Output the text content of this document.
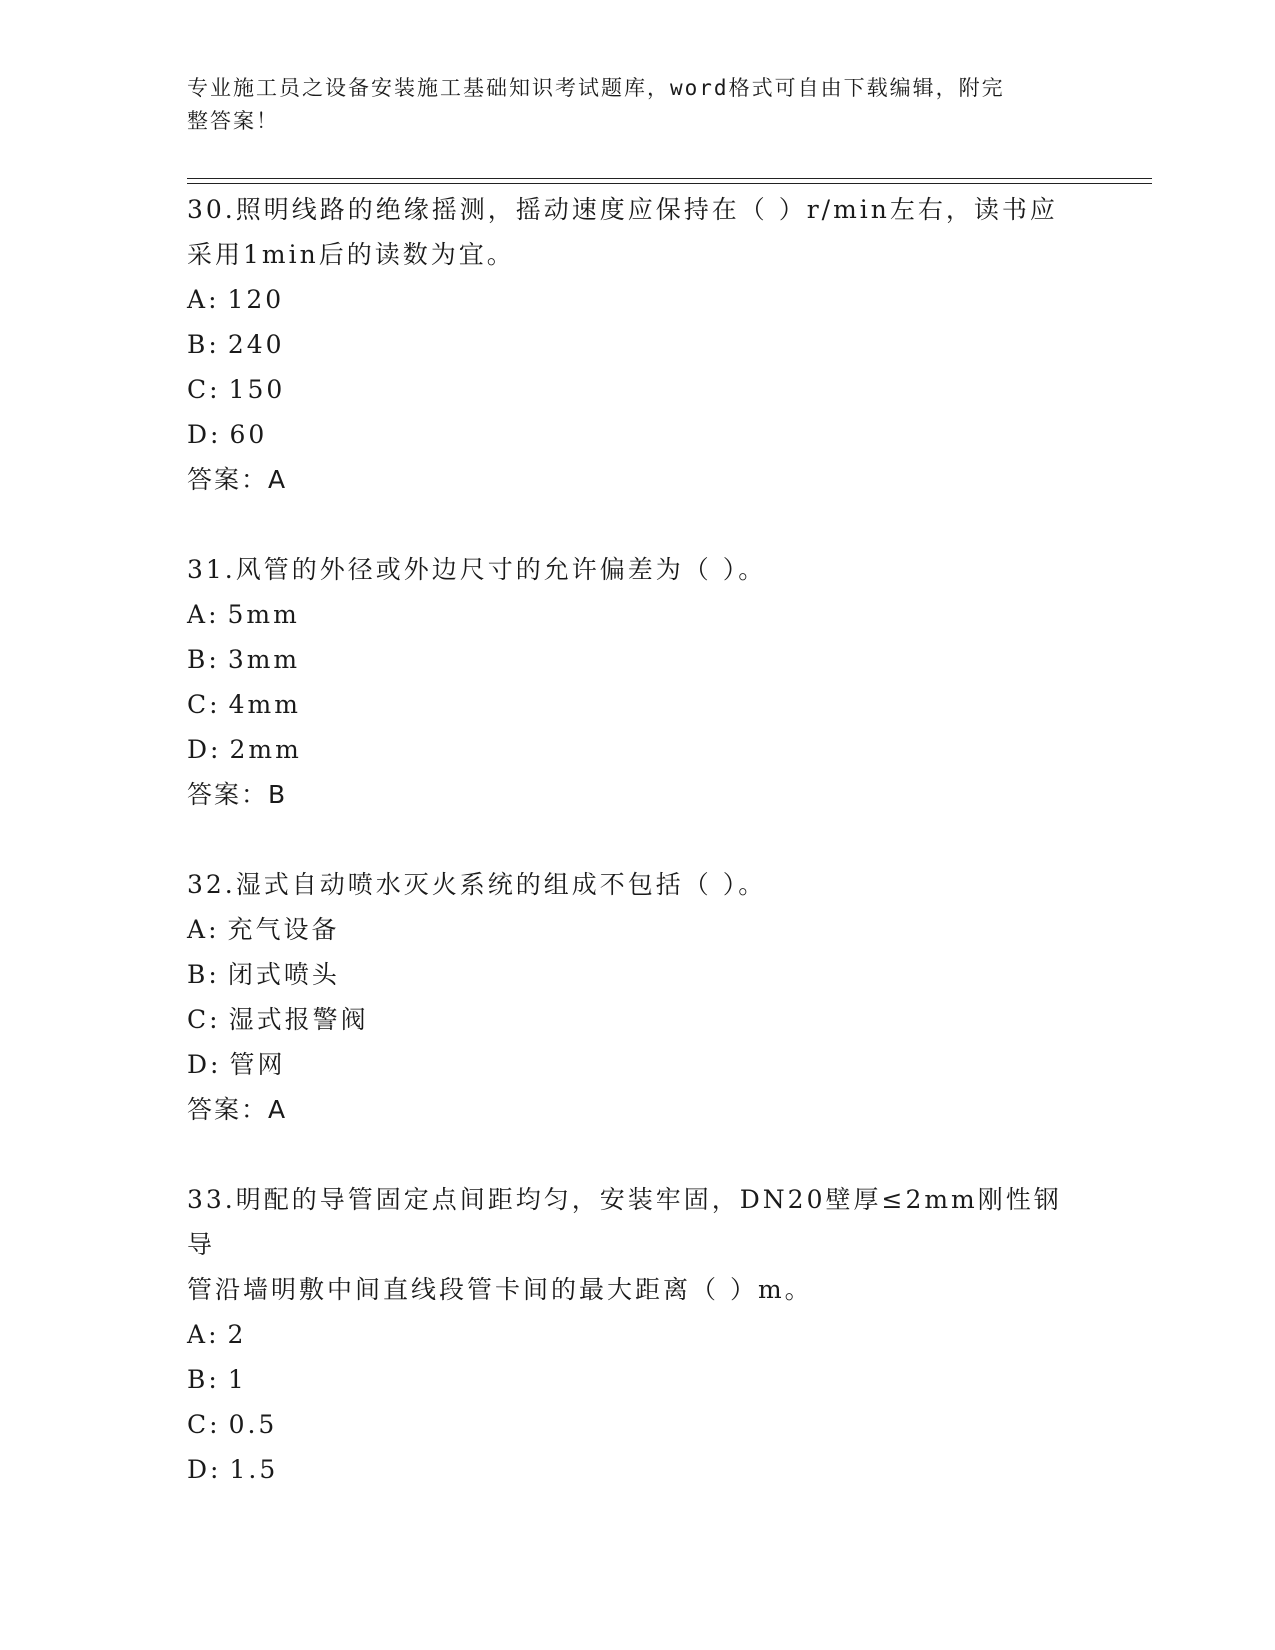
专业施工员之设备安装施工基础知识考试题库，word格式可自由下载编辑，附完
整答案！

30.照明线路的绝缘摇测，摇动速度应保持在（ ）r/min左右，读书应

采用1min后的读数为宜。

A: 120

B: 240

C: 150

D: 60

答案：A

31.风管的外径或外边尺寸的允许偏差为（ ）。

A: 5mm

B: 3mm

C: 4mm

D: 2mm

答案：B

32.湿式自动喷水灭火系统的组成不包括（ ）。

A: 充气设备

B: 闭式喷头

C: 湿式报警阀

D: 管网

答案：A

33.明配的导管固定点间距均匀，安装牢固，DN20壁厚≤2mm刚性钢导

管沿墙明敷中间直线段管卡间的最大距离（ ）m。

A: 2

B: 1

C: 0.5

D: 1.5
